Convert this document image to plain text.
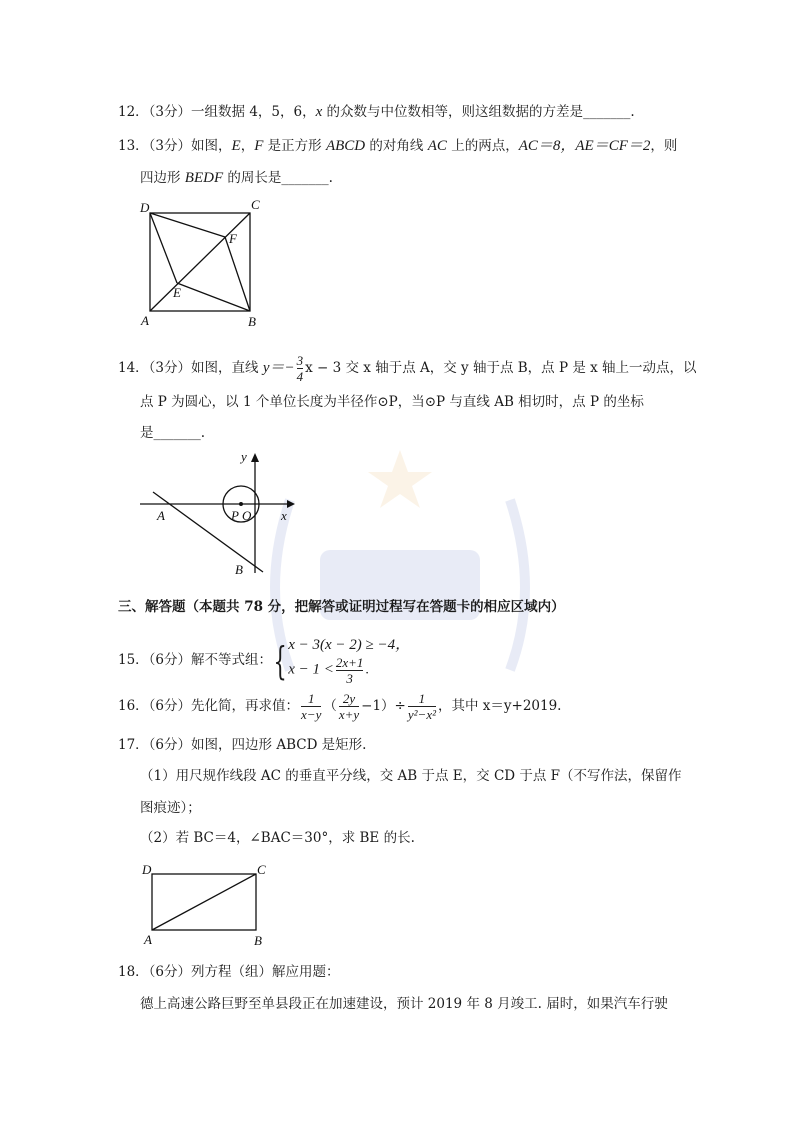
12．（3分）一组数据 4，5，6，x 的众数与中位数相等，则这组数据的方差是_______.
13．（3分）如图，E，F 是正方形 ABCD 的对角线 AC 上的两点，AC＝8，AE＝CF＝2，则
四边形 BEDF 的周长是_______.
D	C
F
E
A	B
14．（3分）如图，直线 $y=- \frac{3}{4}$ x − 3 交 x 轴于点 A，交 y 轴于点 B，点 P 是 x 轴上一动点，以
点 P 为圆心，以 1 个单位长度为半径作⊙P，当⊙P 与直线 AB 相切时，点 P 的坐标
是_______.
y
x
A	P O
B
三、解答题（本题共 78 分，把解答或证明过程写在答题卡的相应区域内）
15．（6分）解不等式组：{ x − 3(x − 2) ≥ −4，
$x - 1 < \frac{2x+1}{3}$ .
16．（6分）先化简，再求值： $\frac{1}{x-y}$ （ $\frac{2y}{x+y} -1)\div \frac{1}{\text{y²−x²}}$ ，其中 x＝y+2019.
17．（6分）如图，四边形 ABCD 是矩形.
（1）用尺规作线段 AC 的垂直平分线，交 AB 于点 E，交 CD 于点 F（不写作法，保留作
图痕迹）；
（2）若 BC＝4，∠BAC＝30°，求 BE 的长.
D	C
A	B
18．（6分）列方程（组）解应用题：
德上高速公路巨野至单县段正在加速建设，预计 2019 年 8 月竣工. 届时，如果汽车行驶
